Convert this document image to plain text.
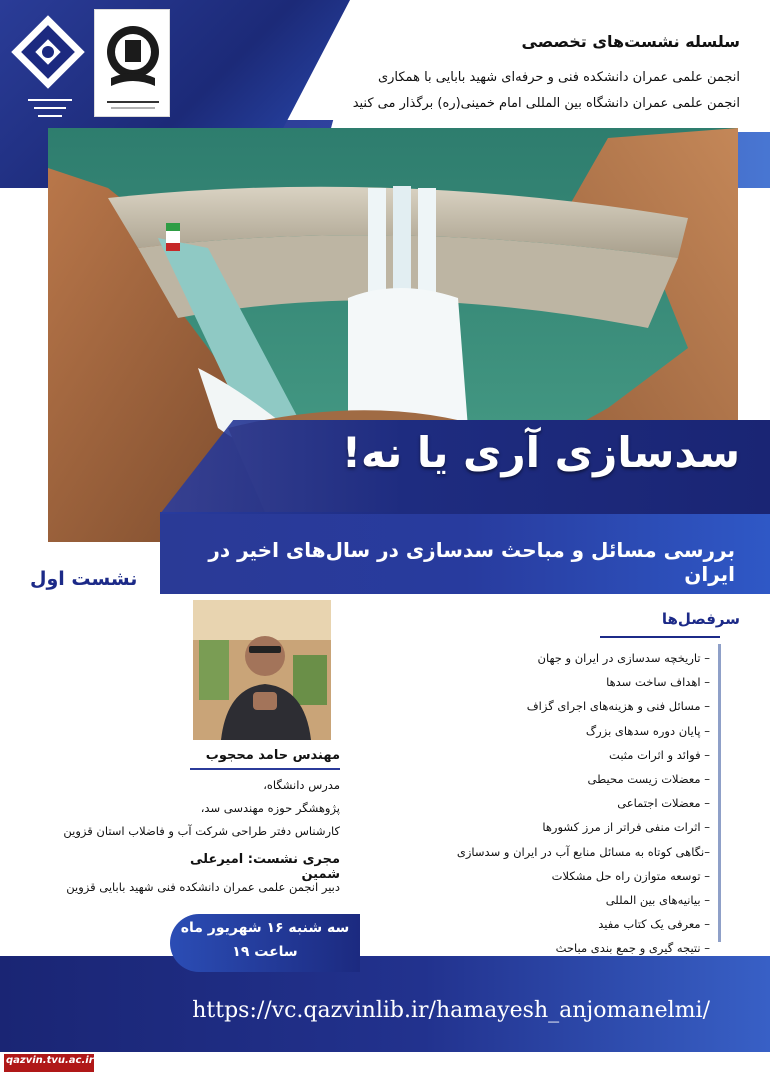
سلسله نشست‌های تخصصی
انجمن علمی عمران دانشکده فنی و حرفه‌ای شهید بابایی با همکاری
انجمن علمی عمران دانشگاه بین المللی امام خمینی(ره) برگذار می کنید
سدسازی آری یا نه!
بررسی مسائل و مباحث سدسازی در سال‌های اخیر در ایران
نشست اول
مهندس حامد محجوب
مدرس دانشگاه،
پژوهشگر حوزه مهندسی سد،
کارشناس دفتر طراحی شرکت آب و فاضلاب استان قزوین
مجری نشست: امیرعلی شمین
دبیر انجمن علمی عمران دانشکده فنی شهید بابایی قزوین
سرفصل‌ها
– تاریخچه سدسازی در ایران و جهان
– اهداف ساخت سدها
– مسائل فنی و هزینه‌های اجرای گزاف
– پایان دوره سدهای بزرگ
– فوائد و اثرات مثبت
– معضلات زیست محیطی
– معضلات اجتماعی
– اثرات منفی فراتر از مرز کشورها
–نگاهی کوتاه به مسائل منابع آب در ایران و سدسازی
– توسعه متوازن راه حل مشکلات
– بیانیه‌های بین المللی
– معرفی یک کتاب مفید
– نتیجه گیری و جمع بندی مباحث
سه شنبه ۱۶ شهریور ماه
ساعت ۱۹
https://vc.qazvinlib.ir/hamayesh_anjomanelmi/
qazvin.tvu.ac.ir
